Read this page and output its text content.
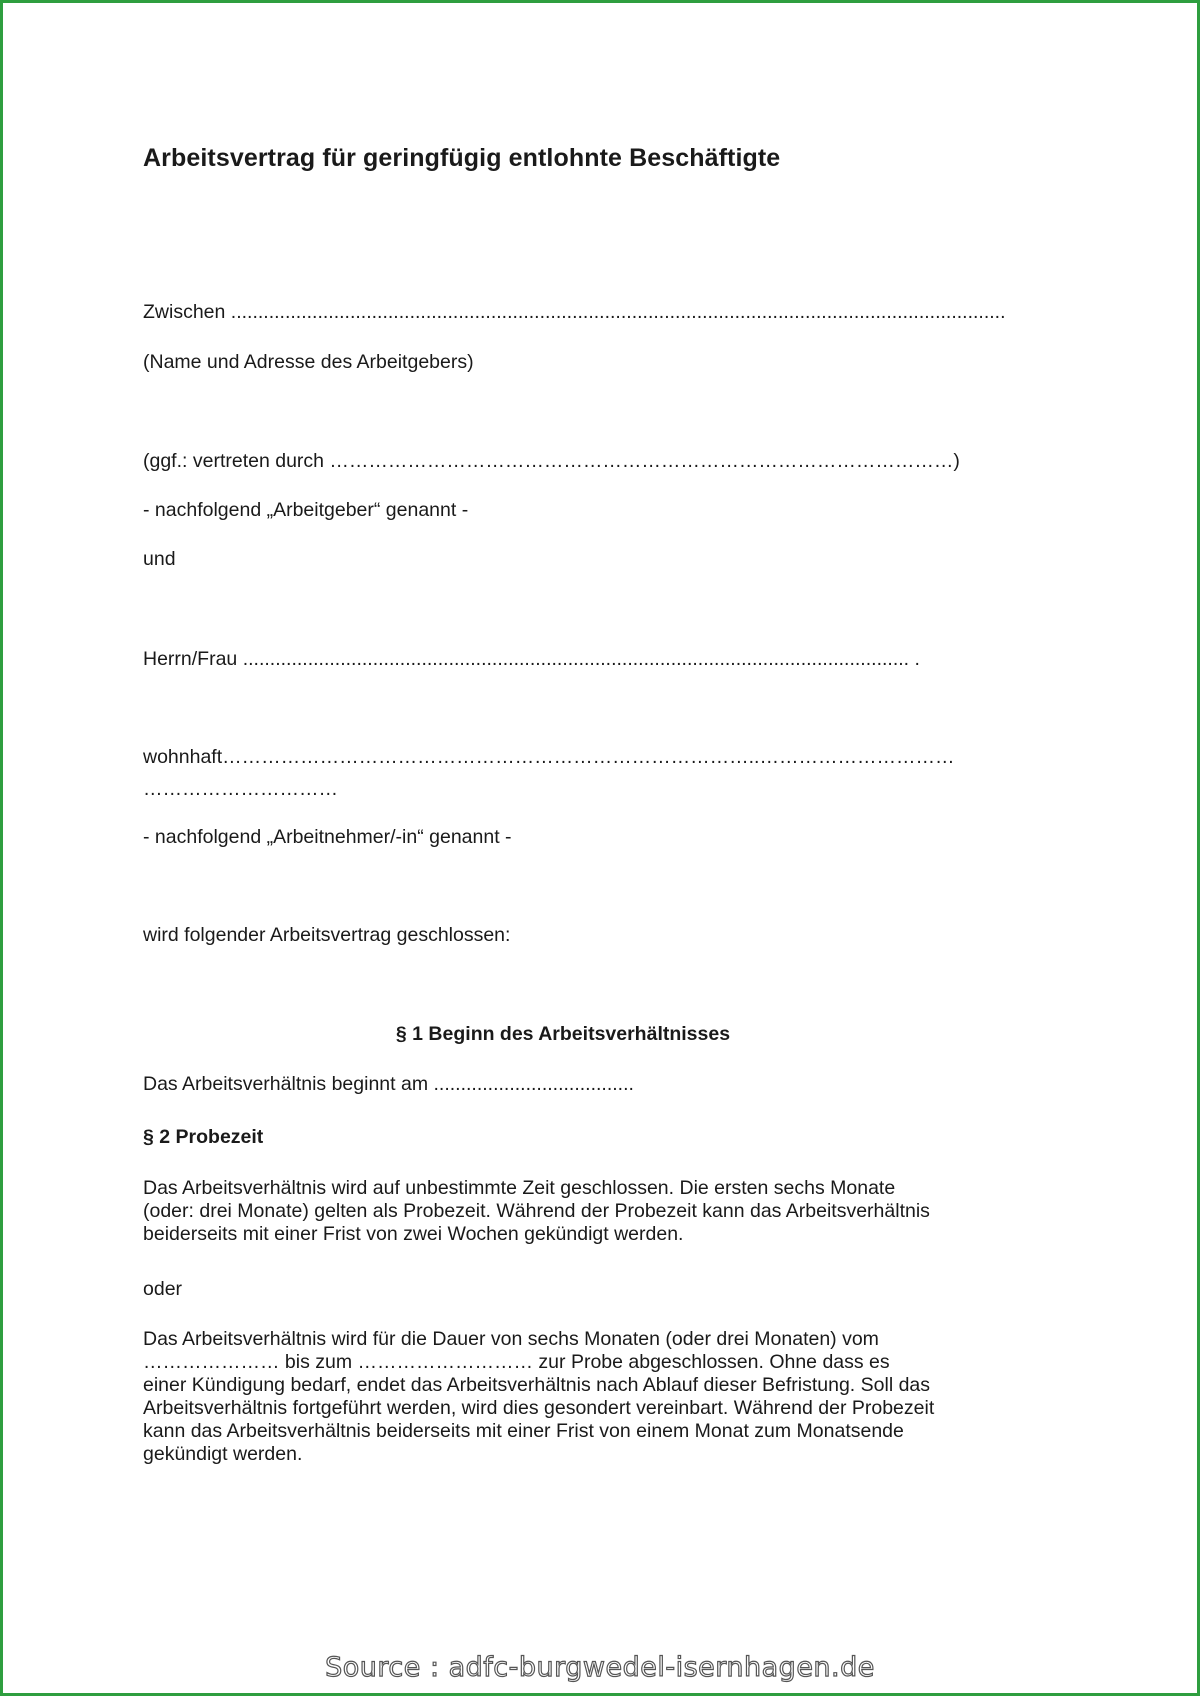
Arbeitsvertrag für geringfügig entlohnte Beschäftigte
Zwischen ...............................................................................................................................................
(Name und Adresse des Arbeitgebers)
(ggf.: vertreten durch ……………………………………………………………………………………)
- nachfolgend „Arbeitgeber“ genannt -
und
Herrn/Frau ........................................................................................................................... .
wohnhaft………………………………………………………………………..…………………………
…………………………
- nachfolgend „Arbeitnehmer/-in“ genannt -
wird folgender Arbeitsvertrag geschlossen:
§ 1 Beginn des Arbeitsverhältnisses
Das Arbeitsverhältnis beginnt am .....................................
§ 2 Probezeit
Das Arbeitsverhältnis wird auf unbestimmte Zeit geschlossen. Die ersten sechs Monate
(oder: drei Monate) gelten als Probezeit. Während der Probezeit kann das Arbeitsverhältnis
beiderseits mit einer Frist von zwei Wochen gekündigt werden.
oder
Das Arbeitsverhältnis wird für die Dauer von sechs Monaten (oder drei Monaten) vom
………………… bis zum ……………………… zur Probe abgeschlossen. Ohne dass es
einer Kündigung bedarf, endet das Arbeitsverhältnis nach Ablauf dieser Befristung. Soll das
Arbeitsverhältnis fortgeführt werden, wird dies gesondert vereinbart. Während der Probezeit
kann das Arbeitsverhältnis beiderseits mit einer Frist von einem Monat zum Monatsende
gekündigt werden.
Source : adfc-burgwedel-isernhagen.de
